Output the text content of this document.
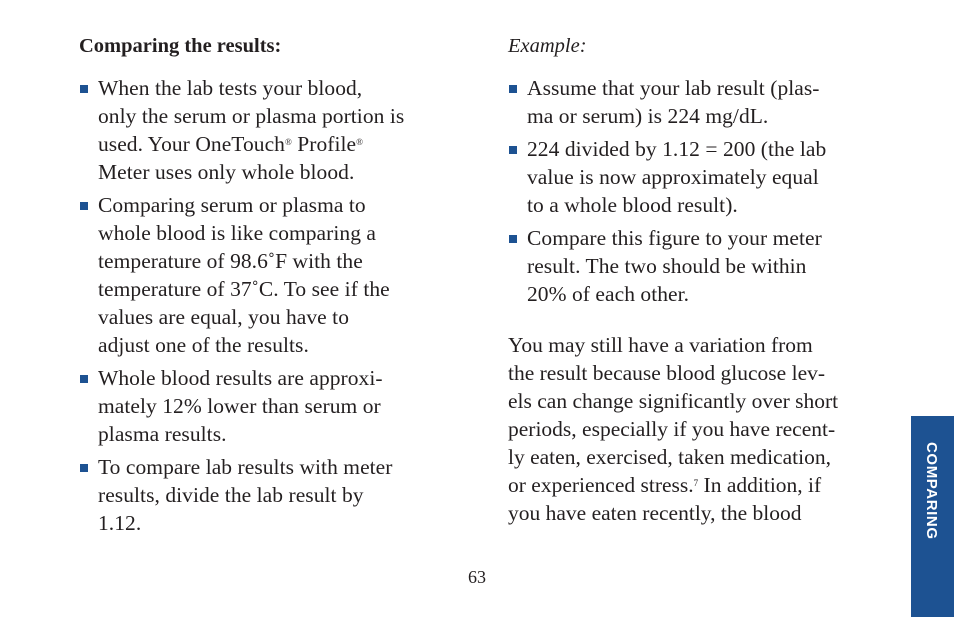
Comparing the results:
When the lab tests your blood,
only the serum or plasma portion is
used. Your OneTouch® Profile®
Meter uses only whole blood.
Comparing serum or plasma to
whole blood is like comparing a
temperature of 98.6˚F with the
temperature of 37˚C. To see if the
values are equal, you have to
adjust one of the results.
Whole blood results are approxi-
mately 12% lower than serum or
plasma results.
To compare lab results with meter
results, divide the lab result by
1.12.

Example:

Assume that your lab result (plas-
ma or serum) is 224 mg/dL.
224 divided by 1.12 = 200 (the lab
value is now approximately equal
to a whole blood result).
Compare this figure to your meter
result. The two should be within
20% of each other.
You may still have a variation from
the result because blood glucose lev-
els can change significantly over short
periods, especially if you have recent-
ly eaten, exercised, taken medication,
or experienced stress.$^7$ In addition, if
you have eaten recently, the blood
63
COMPARING
